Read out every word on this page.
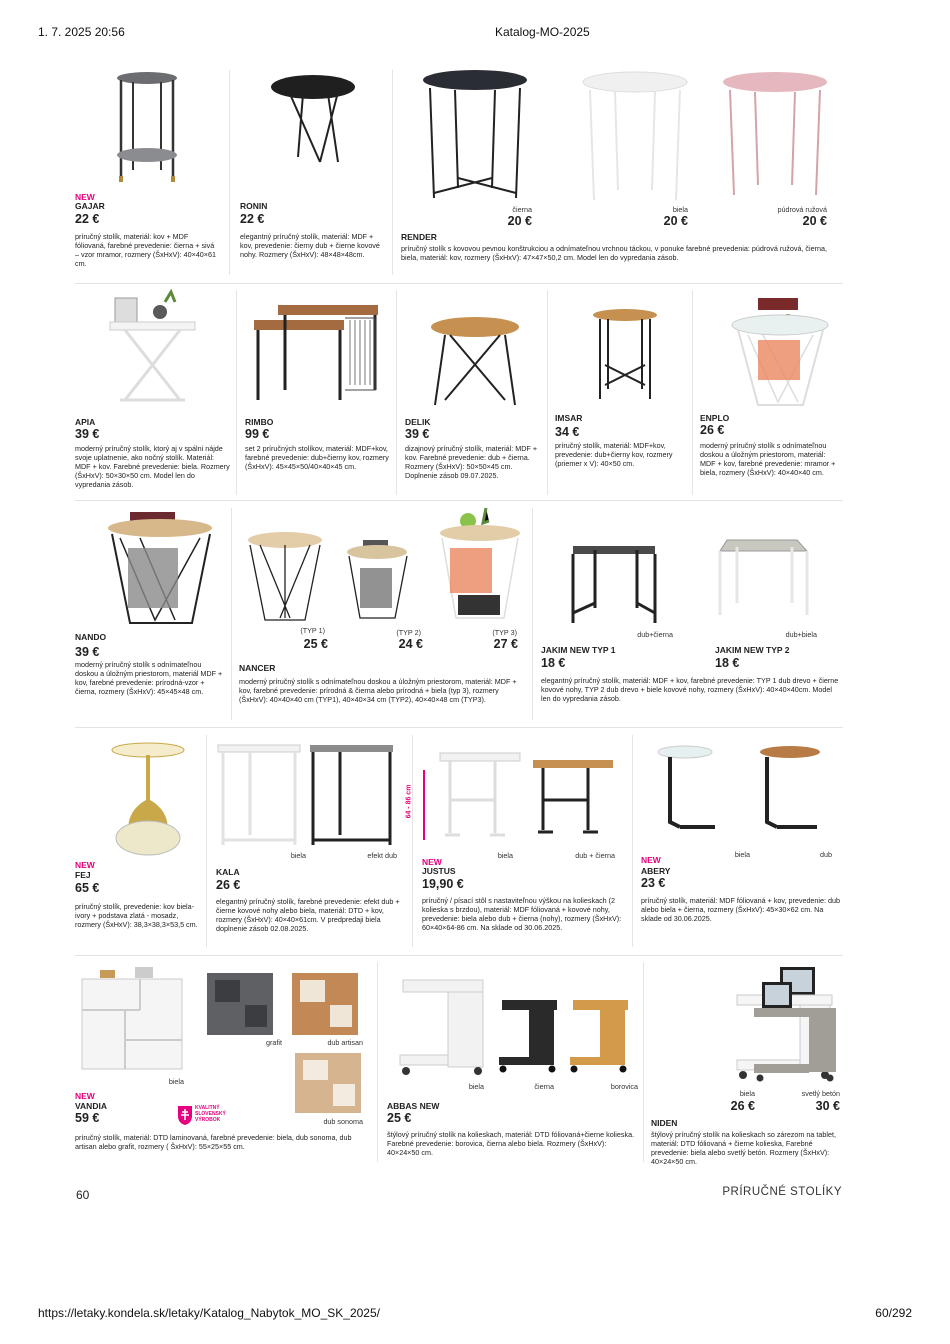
1. 7. 2025 20:56	Katalog-MO-2025
NEW
GAJAR
22 €
príručný stolík, materiál: kov + MDF fóliovaná, farebné prevedenie: čierna + sivá – vzor mramor, rozmery (ŠxHxV): 40×40×61 cm.
RONIN
22 €
elegantný príručný stolík, materiál: MDF + kov, prevedenie: čierny dub + čierne kovové nohy. Rozmery (ŠxHxV): 48×48×48cm.
čierna
20 €
biela
20 €
púdrová ružová
20 €
RENDER
príručný stolík s kovovou pevnou konštrukciou a odnímateľnou vrchnou táckou, v ponuke farebné prevedenia: púdrová ružová, čierna, biela, materiál: kov, rozmery (ŠxHxV): 47×47×50,2 cm. Model len do vypredania zásob.
APIA
39 €
moderný príručný stolík, ktorý aj v spálni nájde svoje uplatnenie, ako nočný stolík. Materiál: MDF + kov. Farebné prevedenie: biela. Rozmery (ŠxHxV): 50×30×50 cm. Model len do vypredania zásob.
RIMBO
99 €
set 2 príručných stolíkov, materiál: MDF+kov, farebné prevedenie: dub+čierny kov, rozmery (ŠxHxV): 45×45×50/40×40×45 cm.
DELIK
39 €
dizajnový príručný stolík, materiál: MDF + kov. Farebné prevedenie: dub + čierna. Rozmery (ŠxHxV): 50×50×45 cm. Doplnenie zásob 09.07.2025.
IMSAR
34 €
príručný stolík, materiál: MDF+kov, prevedenie: dub+čierny kov, rozmery (priemer x V): 40×50 cm.
ENPLO
26 €
moderný príručný stolík s odnímateľnou doskou a úložným priestorom, materiál: MDF + kov, farebné prevedenie: mramor + biela, rozmery (ŠxHxV): 40×40×40 cm.
NANDO
39 €
moderný príručný stolík s odnímateľnou doskou a úložným priestorom, materiál MDF + kov, farebné prevedenie: prírodná-vzor + čierna, rozmery (ŠxHxV): 45×45×48 cm.
(TYP 1)
25 €
(TYP 2)
24 €
(TYP 3)
27 €
NANCER
moderný príručný stolík s odnímateľnou doskou a úložným priestorom, materiál: MDF + kov, farebné prevedenie: prírodná & čierna alebo prírodná + biela (typ 3), rozmery (ŠxHxV): 40×40×40 cm (TYP1), 40×40×34 cm (TYP2), 40×40×48 cm (TYP3).
dub+čierna	dub+biela
JAKIM NEW TYP 1
18 €
JAKIM NEW TYP 2
18 €
elegantný príručný stolík, materiál: MDF + kov, farebné prevedenie: TYP 1 dub drevo + čierne kovové nohy, TYP 2 dub drevo + biele kovové nohy, rozmery (ŠxHxV): 40×40×40cm. Model len do vypredania zásob.
NEW
FEJ
65 €
príručný stolík, prevedenie: kov biela- ivory + podstava zlatá - mosadz, rozmery (ŠxHxV): 38,3×38,3×53,5 cm.
biela	efekt dub
KALA
26 €
elegantný príručný stolík, farebné prevedenie: efekt dub + čierne kovové nohy alebo biela, materiál: DTD + kov, rozmery (ŠxHxV): 40×40×61cm. V predpredaji biela doplnenie zásob 02.08.2025.
64 - 86 cm
biela	dub + čierna
NEW
JUSTUS
19,90 €
príručný / písací stôl s nastaviteľnou výškou na kolieskach (2 kolieska s brzdou), materiál: MDF fóliovaná + kovové nohy, prevedenie: biela alebo dub + čierna (nohy), rozmery (ŠxHxV): 60×40×64-86 cm. Na sklade od 30.06.2025.
biela	dub
NEW
ABERY
23 €
príručný stolík, materiál: MDF fóliovaná + kov, prevedenie: dub alebo biela + čierna, rozmery (ŠxHxV): 45×30×62 cm. Na sklade od 30.06.2025.
grafit	dub artisan
biela
dub sonoma
NEW
VANDIA
59 €
KVALITNÝ SLOVENSKÝ VÝROBOK
príručný stolík, materiál: DTD laminovaná, farebné prevedenie: biela, dub sonoma, dub artisan alebo grafit, rozmery ( ŠxHxV): 55×25×55 cm.
biela	čierna	borovica
ABBAS NEW
25 €
štýlový príručný stolík na kolieskach, materiál: DTD fóliovaná+čierne kolieska. Farebné prevedenie: borovica, čierna alebo biela. Rozmery (ŠxHxV): 40×24×50 cm.
biela
26 €
svetlý betón
30 €
NIDEN
štýlový príručný stolík na kolieskach so zárezom na tablet, materiál: DTD fóliovaná + čierne kolieska, Farebné prevedenie: biela alebo svetlý betón. Rozmery (ŠxHxV): 40×24×50 cm.
60	PRÍRUČNÉ STOLÍKY
https://letaky.kondela.sk/letaky/Katalog_Nabytok_MO_SK_2025/	60/292
